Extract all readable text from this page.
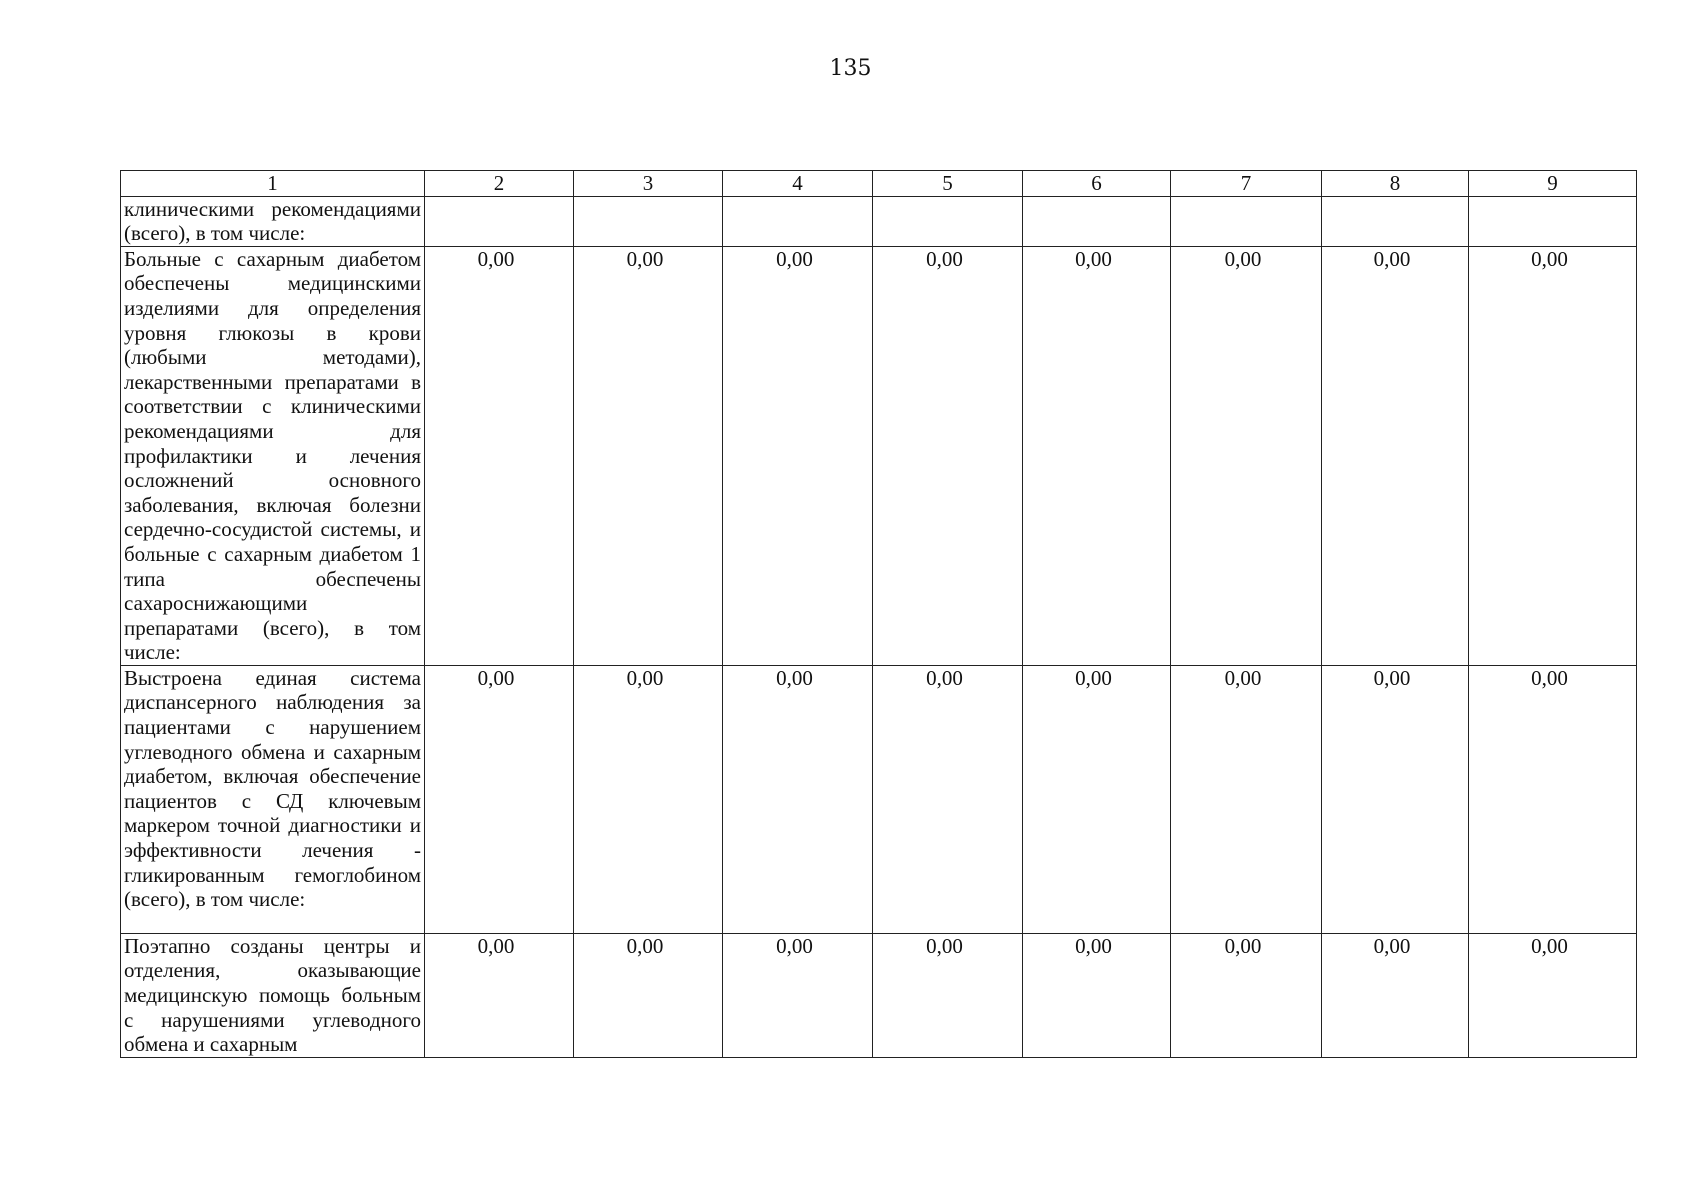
135
1	2	3	4	5	6	7	8	9
клиническими рекомендациями (всего), в том числе:								
Больные с сахарным диабетом обеспечены медицинскими изделиями для определения уровня глюкозы в крови (любыми методами), лекарственными препаратами в соответствии с клиническими рекомендациями для профилактики и лечения осложнений основного заболевания, включая болезни сердечно-сосудистой системы, и больные с сахарным диабетом 1 типа обеспечены сахароснижающими препаратами (всего), в том числе:	0,00	0,00	0,00	0,00	0,00	0,00	0,00	0,00
Выстроена единая система диспансерного наблюдения за пациентами с нарушением углеводного обмена и сахарным диабетом, включая обеспечение пациентов с СД ключевым маркером точной диагностики и эффективности лечения - гликированным гемоглобином (всего), в том числе:	0,00	0,00	0,00	0,00	0,00	0,00	0,00	0,00
Поэтапно созданы центры и отделения, оказывающие медицинскую помощь больным с нарушениями углеводного обмена и сахарным	0,00	0,00	0,00	0,00	0,00	0,00	0,00	0,00
